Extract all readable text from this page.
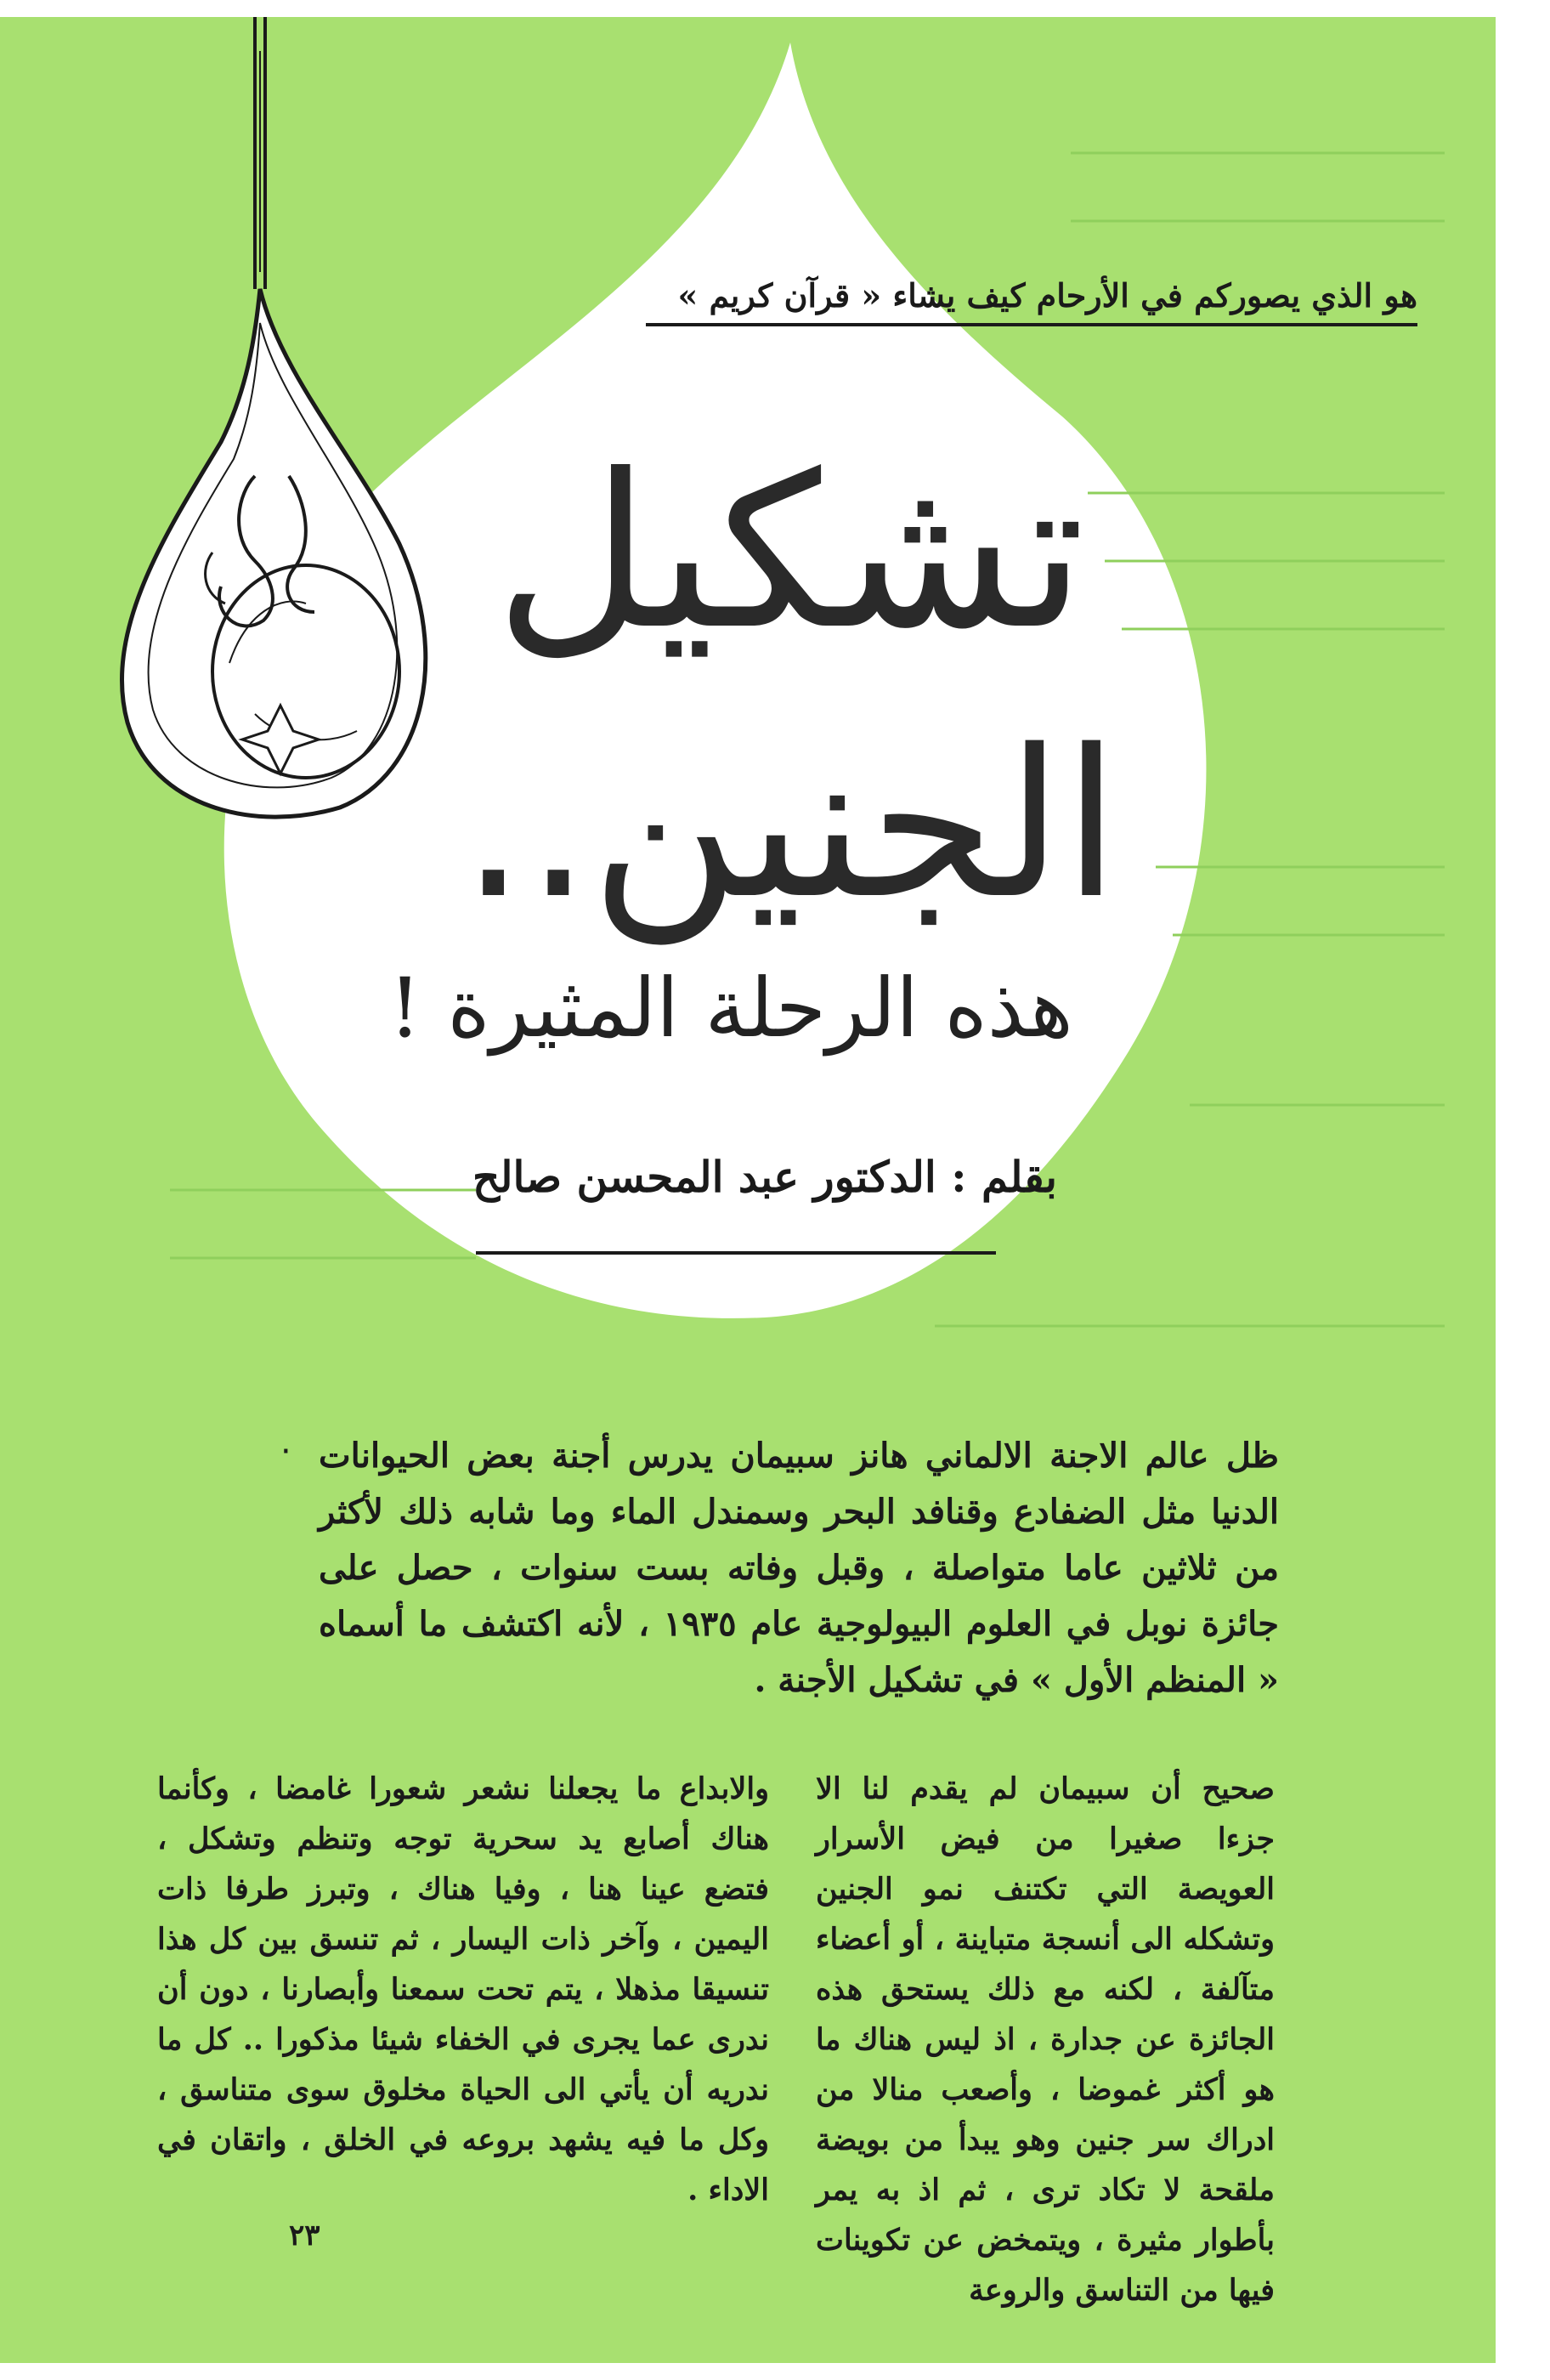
هو الذي يصوركم في الأرحام كيف يشاء « قرآن كريم »
تشكيل
الجنين..
هذه الرحلة المثيرة !
بقلم : الدكتور عبد المحسن صالح
· ظل عالم الاجنة الالماني هانز سبيمان يدرس أجنة بعض الحيوانات الدنيا مثل الضفادع وقنافد البحر وسمندل الماء وما شابه ذلك لأكثر من ثلاثين عاما متواصلة ، وقبل وفاته بست سنوات ، حصل على جائزة نوبل في العلوم البيولوجية عام ١٩٣٥ ، لأنه اكتشف ما أسماه « المنظم الأول » في تشكيل الأجنة .
صحيح أن سبيمان لم يقدم لنا الا جزءا صغيرا من فيض الأسرار العويصة التي تكتنف نمو الجنين وتشكله الى أنسجة متباينة ، أو أعضاء متآلفة ، لكنه مع ذلك يستحق هذه الجائزة عن جدارة ، اذ ليس هناك ما هو أكثر غموضا ، وأصعب منالا من ادراك سر جنين وهو يبدأ من بويضة ملقحة لا تكاد ترى ، ثم اذ به يمر بأطوار مثيرة ، ويتمخض عن تكوينات فيها من التناسق والروعة
والابداع ما يجعلنا نشعر شعورا غامضا ، وكأنما هناك أصابع يد سحرية توجه وتنظم وتشكل ، فتضع عينا هنا ، وفيا هناك ، وتبرز طرفا ذات اليمين ، وآخر ذات اليسار ، ثم تنسق بين كل هذا تنسيقا مذهلا ، يتم تحت سمعنا وأبصارنا ، دون أن ندرى عما يجرى في الخفاء شيئا مذكورا .. كل ما ندريه أن يأتي الى الحياة مخلوق سوى متناسق ، وكل ما فيه يشهد بروعه في الخلق ، واتقان في الاداء .
٢٣
